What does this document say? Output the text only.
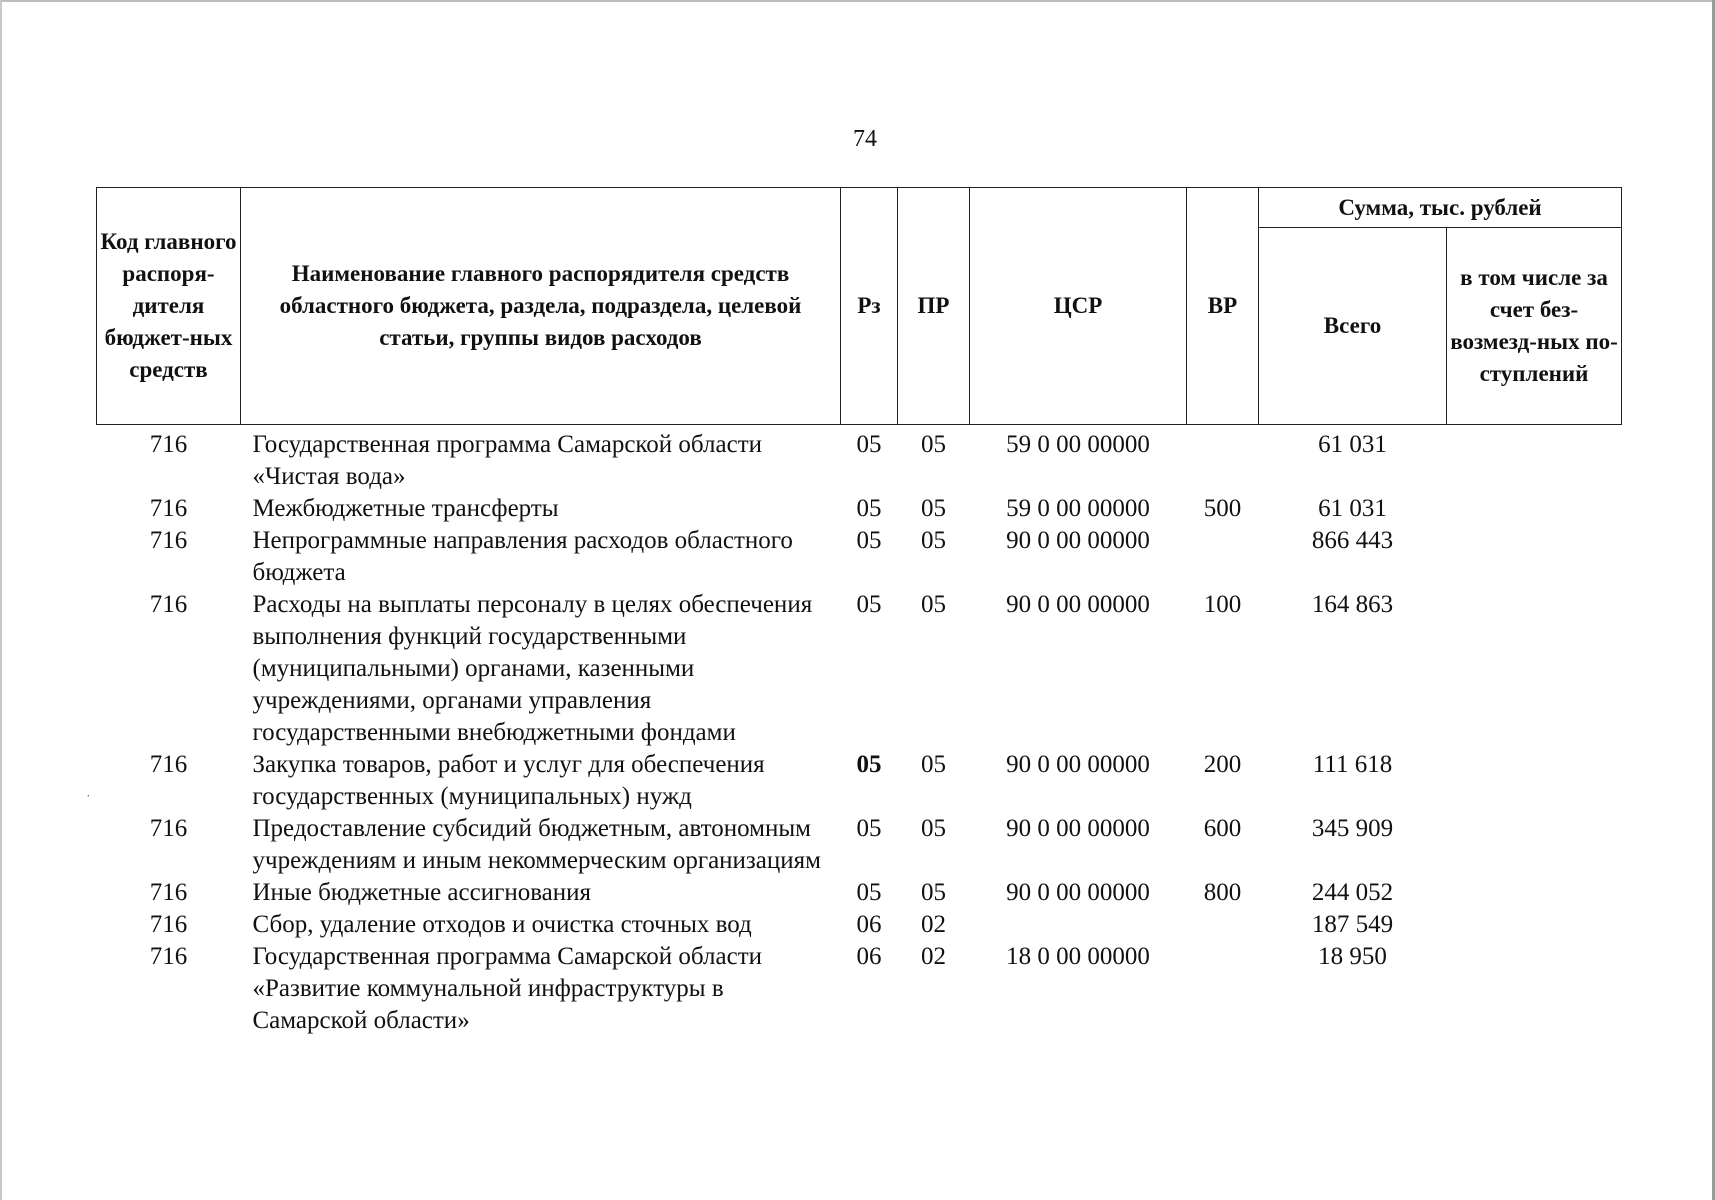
74
˙
Код главного распоря-дителя бюджет-ных средств	Наименование главного распорядителя средств областного бюджета, раздела, подраздела, целевой статьи, группы видов расходов	Рз	ПР	ЦСР	ВР	Сумма, тыс. рублей	
						Всего	в том числе за счет без-возмезд-ных по-ступлений
716	Государственная программа Самарской области «Чистая вода»	05	05	59 0 00 00000		61 031	
716	Межбюджетные трансферты	05	05	59 0 00 00000	500	61 031	
716	Непрограммные направления расходов областного бюджета	05	05	90 0 00 00000		866 443	
716	Расходы на выплаты персоналу в целях обеспечения выполнения функций государственными (муниципальными) органами, казенными учреждениями, органами управления государственными внебюджетными фондами	05	05	90 0 00 00000	100	164 863	
716	Закупка товаров, работ и услуг для обеспечения государственных (муниципальных) нужд	05	05	90 0 00 00000	200	111 618	
716	Предоставление субсидий бюджетным, автономным учреждениям и иным некоммерческим организациям	05	05	90 0 00 00000	600	345 909	
716	Иные бюджетные ассигнования	05	05	90 0 00 00000	800	244 052	
716	Сбор, удаление отходов и очистка сточных вод	06	02			187 549	
716	Государственная программа Самарской области «Развитие коммунальной инфраструктуры в Самарской области»	06	02	18 0 00 00000		18 950	
